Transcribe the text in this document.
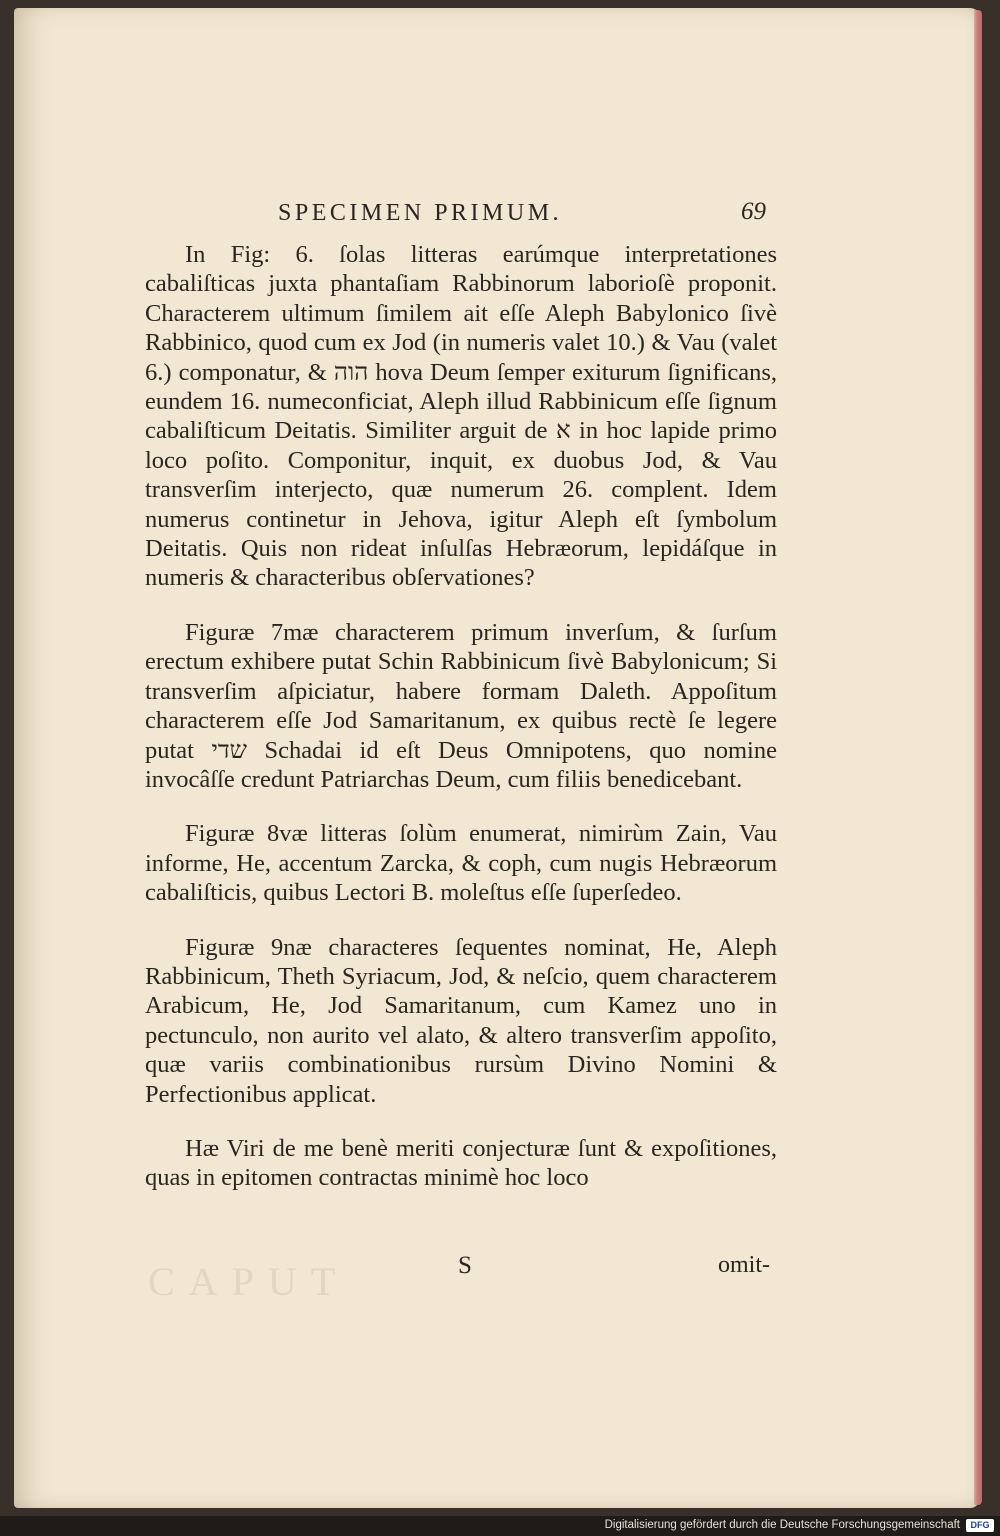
CAPUT
SPECIMEN PRIMUM.	69

In Fig: 6. ſolas litteras earúmque interpretationes cabaliſticas juxta phantaſiam Rabbinorum laborioſè proponit. Characterem ultimum ſimilem ait eſſe Aleph Babylonico ſivè Rabbinico, quod cum ex Jod (in numeris valet 10.) & Vau (valet 6.) componatur, & הוה hova Deum ſemper exiturum ſignificans, eundem 16. numeconficiat, Aleph illud Rabbinicum eſſe ſignum cabaliſticum Deitatis. Similiter arguit de א in hoc lapide primo loco poſito. Componitur, inquit, ex duobus Jod, & Vau transverſim interjecto, quæ numerum 26. complent. Idem numerus continetur in Jehova, igitur Aleph eſt ſymbolum Deitatis. Quis non rideat inſulſas Hebræorum, lepidáſque in numeris & characteribus obſervationes?

Figuræ 7mæ characterem primum inverſum, & ſurſum erectum exhibere putat Schin Rabbinicum ſivè Babylonicum; Si transverſim aſpiciatur, habere formam Daleth. Appoſitum characterem eſſe Jod Samaritanum, ex quibus rectè ſe legere putat שדי Schadai id eſt Deus Omnipotens, quo nomine invocâſſe credunt Patriarchas Deum, cum filiis benedicebant.

Figuræ 8væ litteras ſolùm enumerat, nimirùm Zain, Vau informe, He, accentum Zarcka, & coph, cum nugis Hebræorum cabaliſticis, quibus Lectori B. moleſtus eſſe ſuperſedeo.

Figuræ 9næ characteres ſequentes nominat, He, Aleph Rabbinicum, Theth Syriacum, Jod, & neſcio, quem characterem Arabicum, He, Jod Samaritanum, cum Kamez uno in pectunculo, non aurito vel alato, & altero transverſim appoſito, quæ variis combinationibus rursùm Divino Nomini & Perfectionibus applicat.

Hæ Viri de me benè meriti conjecturæ ſunt & expoſitiones, quas in epitomen contractas minimè hoc loco

S	omit-
Digitalisierung gefördert durch die Deutsche Forschungsgemeinschaft	DFG
